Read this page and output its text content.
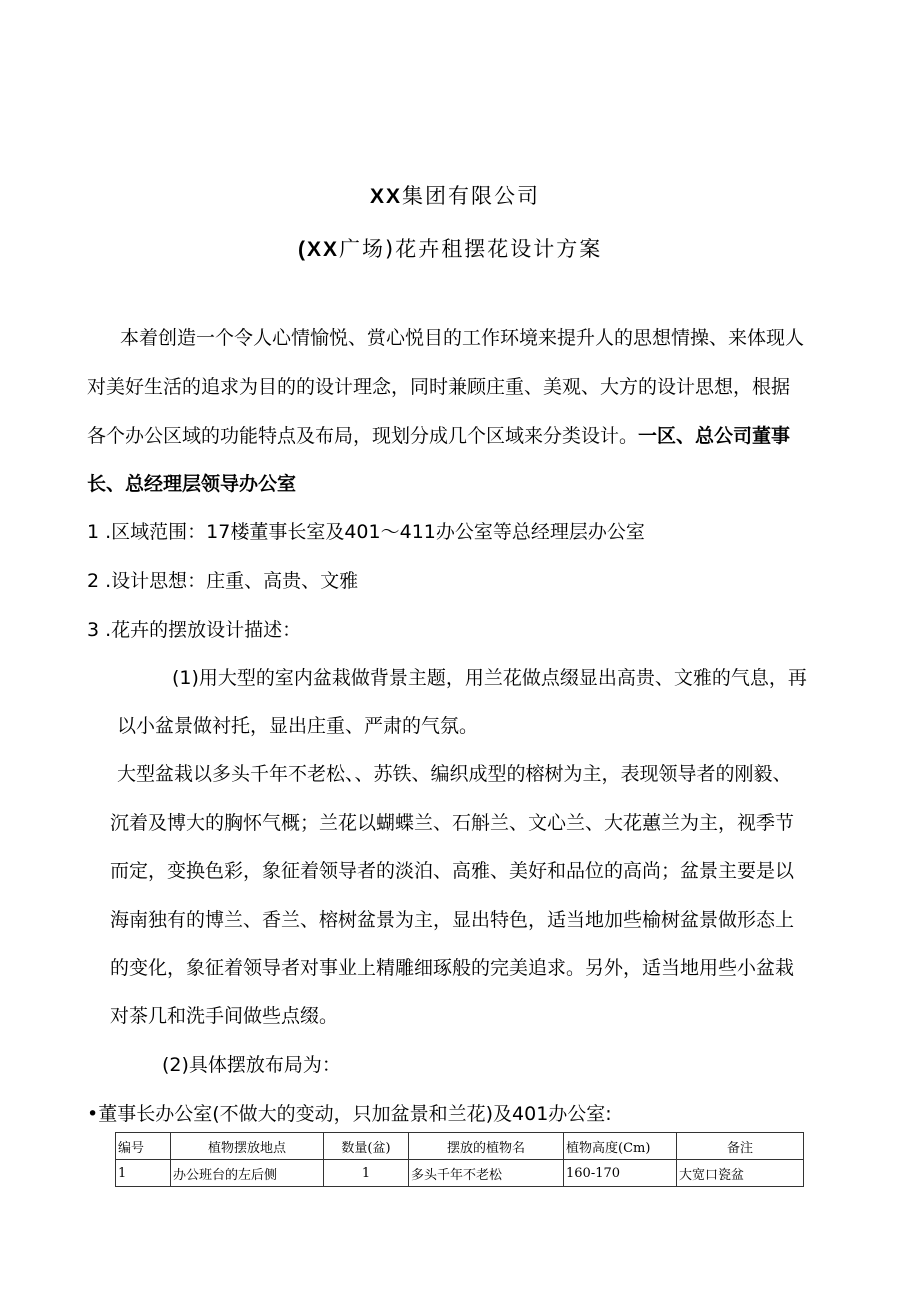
XX集团有限公司
(XX广场)花卉租摆花设计方案
本着创造一个令人心情愉悦、赏心悦目的工作环境来提升人的思想情操、来体现人
对美好生活的追求为目的的设计理念，同时兼顾庄重、美观、大方的设计思想，根据
各个办公区域的功能特点及布局，现划分成几个区域来分类设计。一区、总公司董事
长、总经理层领导办公室
1 .区域范围：17楼董事长室及401～411办公室等总经理层办公室
2 .设计思想：庄重、高贵、文雅
3 .花卉的摆放设计描述：
(1)用大型的室内盆栽做背景主题，用兰花做点缀显出高贵、文雅的气息，再
以小盆景做衬托，显出庄重、严肃的气氛。
大型盆栽以多头千年不老松、、苏铁、编织成型的榕树为主，表现领导者的刚毅、
沉着及博大的胸怀气概；兰花以蝴蝶兰、石斛兰、文心兰、大花蕙兰为主，视季节
而定，变换色彩，象征着领导者的淡泊、高雅、美好和品位的高尚；盆景主要是以
海南独有的博兰、香兰、榕树盆景为主，显出特色，适当地加些榆树盆景做形态上
的变化，象征着领导者对事业上精雕细琢般的完美追求。另外，适当地用些小盆栽
对茶几和洗手间做些点缀。
(2)具体摆放布局为：
•董事长办公室(不做大的变动，只加盆景和兰花)及401办公室:
编号	植物摆放地点	数量(盆)	摆放的植物名	植物高度(Cm)	备注
1	办公班台的左后侧	1	多头千年不老松	160-170	大宽口瓷盆
